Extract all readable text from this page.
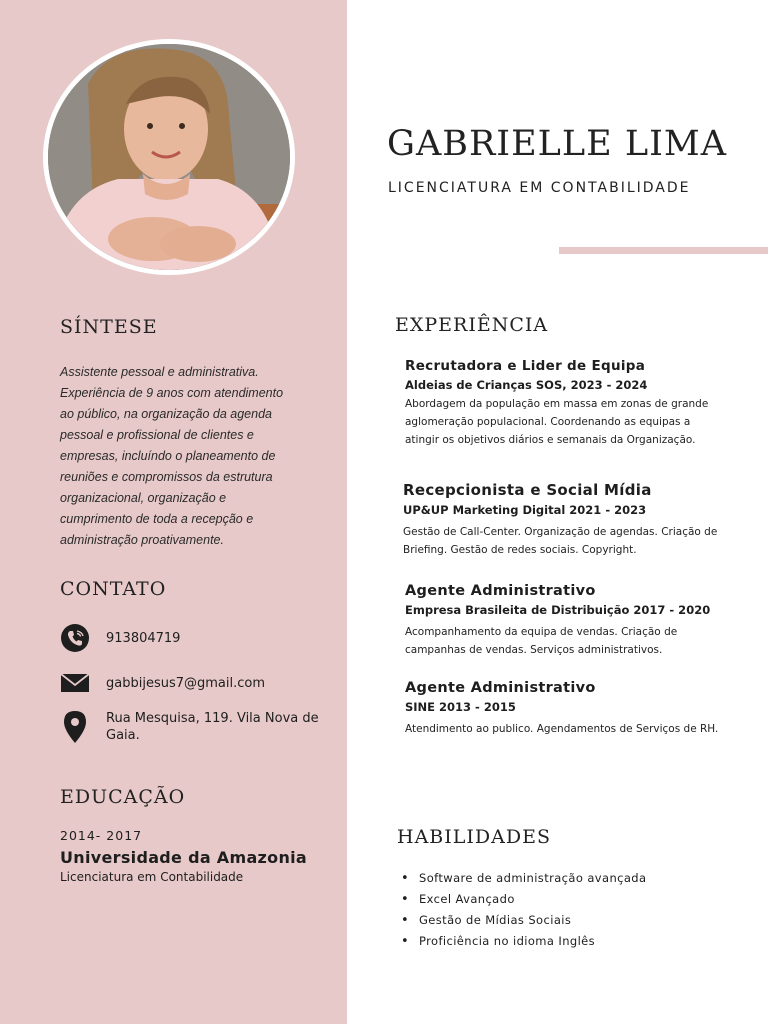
GABRIELLE LIMA
LICENCIATURA EM CONTABILIDADE
SÍNTESE

Assistente pessoal e administrativa. Experiência de 9 anos com atendimento ao público, na organização da agenda pessoal e profissional de clientes e empresas, incluíndo o planeamento de reuniões e compromissos da estrutura organizacional, organização e cumprimento de toda a recepção e administração proativamente.

CONTATO
913804719
gabbijesus7@gmail.com
Rua Mesquisa, 119. Vila Nova de Gaia.
EDUCAÇÃO
2014- 2017
Universidade da Amazonia
Licenciatura em Contabilidade
EXPERIÊNCIA
Recrutadora e Lider de Equipa
Aldeias de Crianças SOS, 2023 - 2024
Abordagem da população em massa em zonas de grande aglomeração populacional. Coordenando as equipas a atingir os objetivos diários e semanais da Organização.
Recepcionista e Social Mídia
UP&UP Marketing Digital 2021 - 2023
Gestão de Call-Center. Organização de agendas. Criação de Briefing. Gestão de redes sociais. Copyright.
Agente Administrativo
Empresa Brasileita de Distribuição 2017 - 2020
Acompanhamento da equipa de vendas. Criação de campanhas de vendas. Serviços administrativos.
Agente Administrativo
SINE 2013 - 2015
Atendimento ao publico. Agendamentos de Serviços de RH.
HABILIDADES
• Software de administração avançada
• Excel Avançado
• Gestão de Mídias Sociais
• Proficiência no idioma Inglês
